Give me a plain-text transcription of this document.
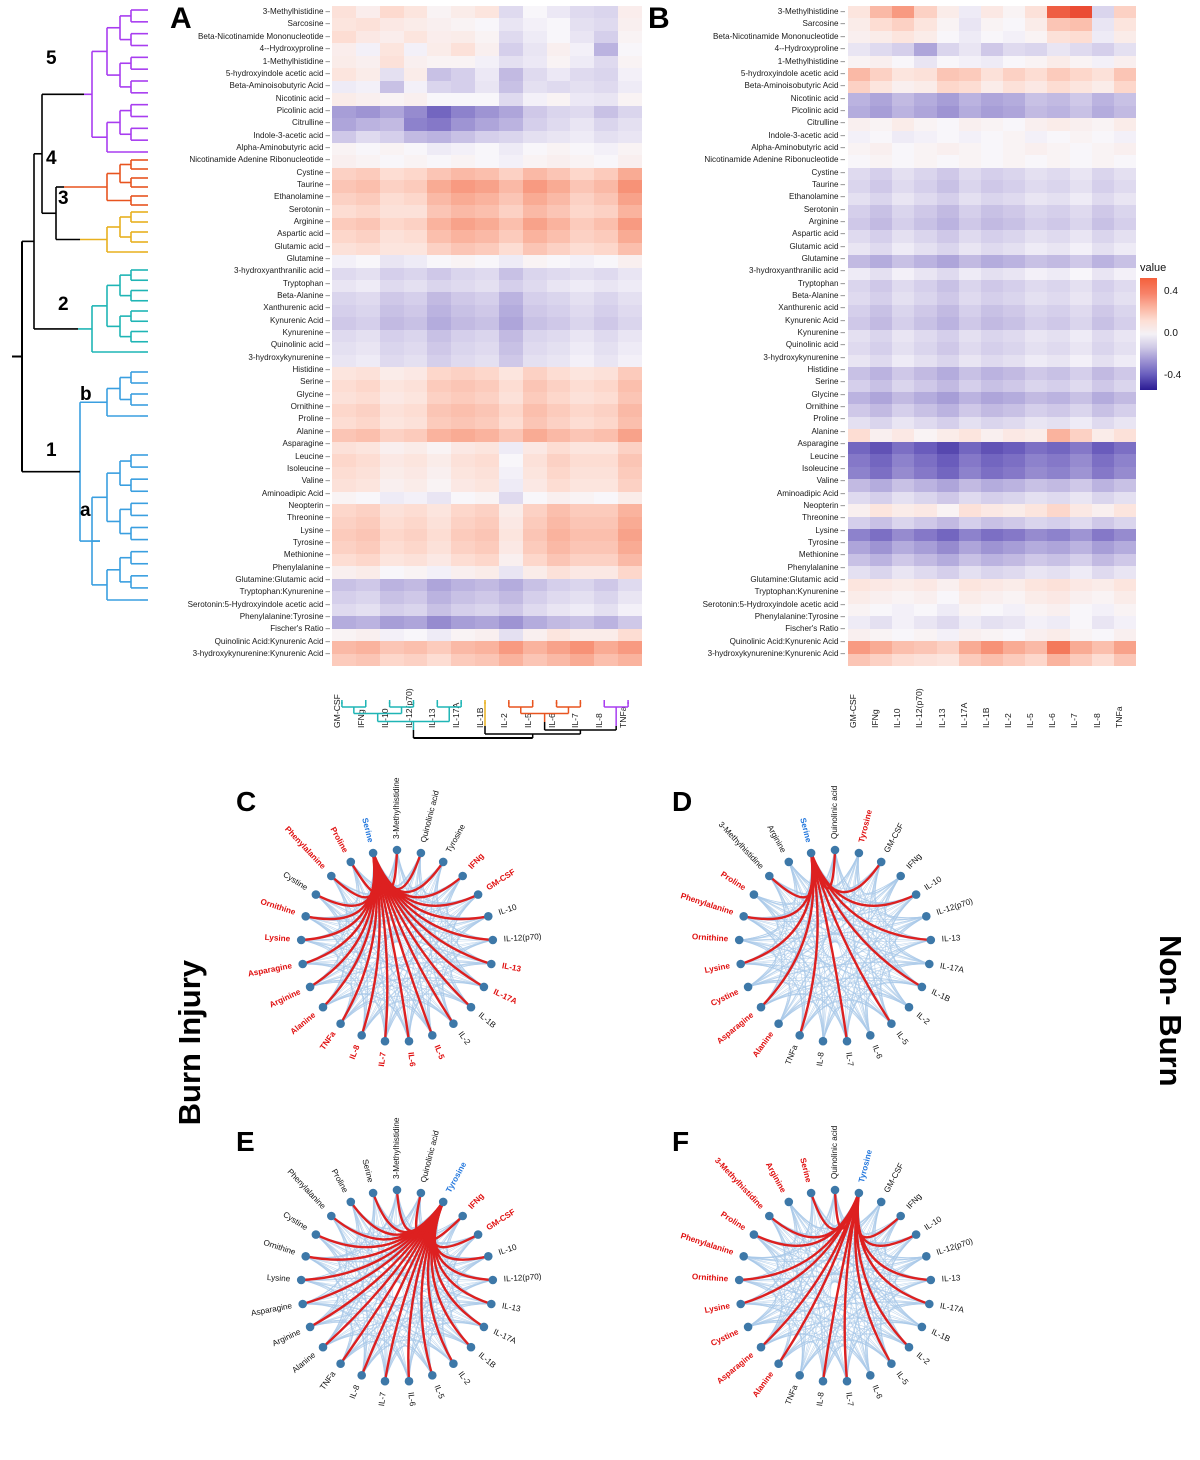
5
4
3
2
1
b
a
A	3-Methylhistidine –
Sarcosine –
Beta-Nicotinamide Mononucleotide –
4--Hydroxyproline –
1-Methylhistidine –
5-hydroxyindole acetic acid –
Beta-Aminoisobutyric Acid –
Nicotinic acid –
Picolinic acid –
Citrulline –
Indole-3-acetic acid –
Alpha-Aminobutyric acid –
Nicotinamide Adenine Ribonucleotide –
Cystine –
Taurine –
Ethanolamine –
Serotonin –
Arginine –
Aspartic acid –
Glutamic acid –
Glutamine –
3-hydroxyanthranilic acid –
Tryptophan –
Beta-Alanine –
Xanthurenic acid –
Kynurenic Acid –
Kynurenine –
Quinolinic acid –
3-hydroxykynurenine –
Histidine –
Serine –
Glycine –
Ornithine –
Proline –
Alanine –
Asparagine –
Leucine –
Isoleucine –
Valine –
Aminoadipic Acid –
Neopterin –
Threonine –
Lysine –
Tyrosine –
Methionine –
Phenylalanine –
Glutamine:Glutamic acid –
Tryptophan:Kynurenine –
Serotonin:5-Hydroxyindole acetic acid –
Phenylalanine:Tyrosine –
Fischer's Ratio –
Quinolinic Acid:Kynurenic Acid –
3-hydroxykynurenine:Kynurenic Acid –
GM-CSF	IFNg	IL-10	IL-12(p70)	IL-13	IL-17A	IL-1B	IL-2	IL-5	IL-6	IL-7	IL-8	TNFa
B	3-Methylhistidine –
Sarcosine –
Beta-Nicotinamide Mononucleotide –
4--Hydroxyproline –
1-Methylhistidine –
5-hydroxyindole acetic acid –
Beta-Aminoisobutyric Acid –
Nicotinic acid –
Picolinic acid –
Citrulline –
Indole-3-acetic acid –
Alpha-Aminobutyric acid –
Nicotinamide Adenine Ribonucleotide –
Cystine –
Taurine –
Ethanolamine –
Serotonin –
Arginine –
Aspartic acid –
Glutamic acid –
Glutamine –
3-hydroxyanthranilic acid –
Tryptophan –
Beta-Alanine –
Xanthurenic acid –
Kynurenic Acid –
Kynurenine –
Quinolinic acid –
3-hydroxykynurenine –
Histidine –
Serine –
Glycine –
Ornithine –
Proline –
Alanine –
Asparagine –
Leucine –
Isoleucine –
Valine –
Aminoadipic Acid –
Neopterin –
Threonine –
Lysine –
Tyrosine –
Methionine –
Phenylalanine –
Glutamine:Glutamic acid –
Tryptophan:Kynurenine –
Serotonin:5-Hydroxyindole acetic acid –
Phenylalanine:Tyrosine –
Fischer's Ratio –
Quinolinic Acid:Kynurenic Acid –
3-hydroxykynurenine:Kynurenic Acid –
GM-CSF	IFNg	IL-10	IL-12(p70)	IL-13	IL-17A	IL-1B	IL-2	IL-5	IL-6	IL-7	IL-8	TNFa
value
0.4
0.0
-0.4
Burn Injury	Non- Burn
C	3-Methylhistidine Quinolinic acid Tyrosine
IFNg
GM-CSF
IL-10
IL-12(p70)
IL-13
IL-17A
IL-1B
IL-2
IL-5
IL-6
IL-7
IL-8
TNFa
Alanine
Arginine
Asparagine
Lysine
Ornithine
Cystine
Phenylalanine Proline Serine
D	Quinolinic acid Tyrosine GM-CSF
IFNg
IL-10
IL-12(p70)
IL-13
IL-17A
IL-1B
IL-2
IL-5
IL-6
IL-7
IL-8
TNFa
Alanine
Asparagine
Cystine
Lysine
Ornithine
Phenylalanine
Proline
3-Methylhistidine Arginine Serine
E	3-Methylhistidine Quinolinic acid Tyrosine
IFNg
GM-CSF
IL-10
IL-12(p70)
IL-13
IL-17A
IL-1B
IL-2
IL-5
IL-6
IL-7
IL-8
TNFa
Alanine
Arginine
Asparagine
Lysine
Ornithine
Cystine
Phenylalanine Proline Serine
F	Quinolinic acid Tyrosine GM-CSF
IFNg
IL-10
IL-12(p70)
IL-13
IL-17A
IL-1B
IL-2
IL-5
IL-6
IL-7
IL-8
TNFa
Alanine
Asparagine
Cystine
Lysine
Ornithine
Phenylalanine
Proline
3-Methylhistidine
Arginine Serine
